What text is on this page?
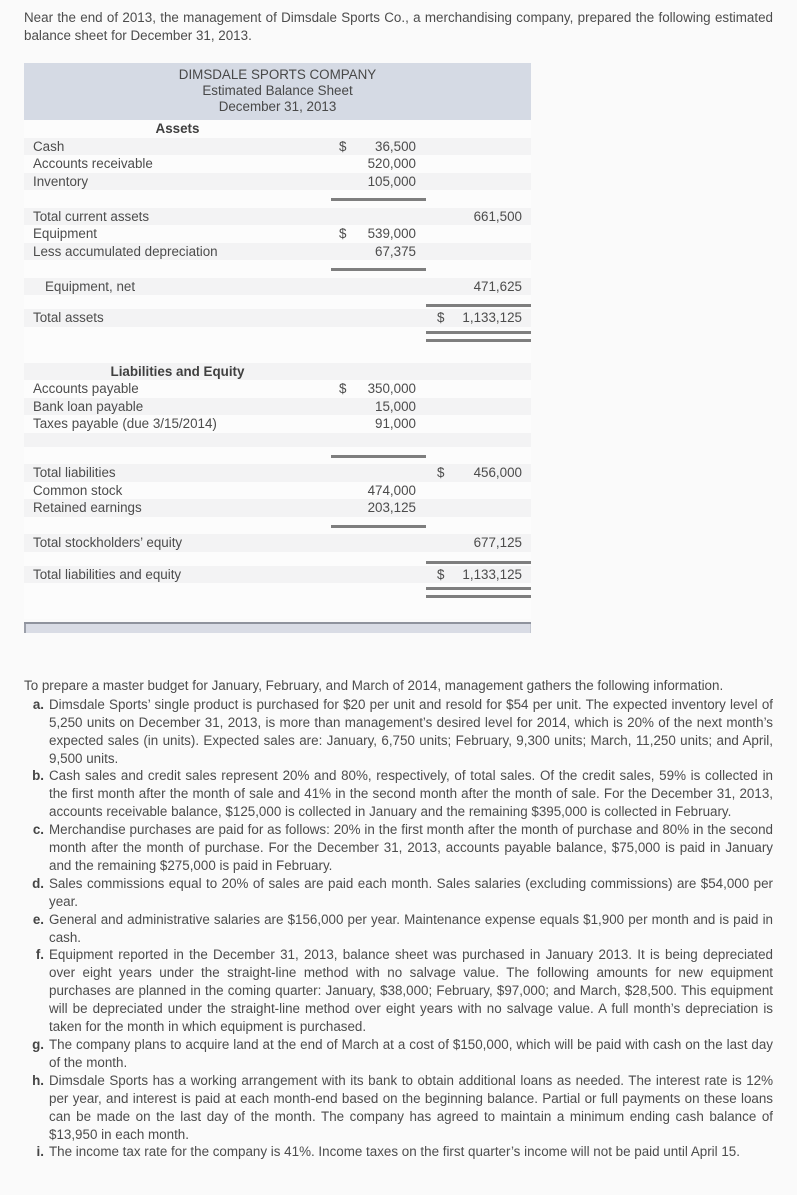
Near the end of 2013, the management of Dimsdale Sports Co., a merchandising company, prepared the following estimated balance sheet for December 31, 2013.

DIMSDALE SPORTS COMPANY
Estimated Balance Sheet
December 31, 2013
Assets
Cash	$ 36,500
Accounts receivable	520,000
Inventory	105,000
Total current assets	661,500
Equipment	$ 539,000
Less accumulated depreciation	67,375
Equipment, net	471,625
Total assets	$ 1,133,125
Liabilities and Equity
Accounts payable	$ 350,000
Bank loan payable	15,000
Taxes payable (due 3/15/2014)	91,000
Total liabilities	$ 456,000
Common stock	474,000
Retained earnings	203,125
Total stockholders’ equity	677,125
Total liabilities and equity	$ 1,133,125

To prepare a master budget for January, February, and March of 2014, management gathers the following information.

a. Dimsdale Sports’ single product is purchased for $20 per unit and resold for $54 per unit. The expected inventory level of 5,250 units on December 31, 2013, is more than management’s desired level for 2014, which is 20% of the next month’s expected sales (in units). Expected sales are: January, 6,750 units; February, 9,300 units; March, 11,250 units; and April, 9,500 units.
b. Cash sales and credit sales represent 20% and 80%, respectively, of total sales. Of the credit sales, 59% is collected in the first month after the month of sale and 41% in the second month after the month of sale. For the December 31, 2013, accounts receivable balance, $125,000 is collected in January and the remaining $395,000 is collected in February.
c. Merchandise purchases are paid for as follows: 20% in the first month after the month of purchase and 80% in the second month after the month of purchase. For the December 31, 2013, accounts payable balance, $75,000 is paid in January and the remaining $275,000 is paid in February.
d. Sales commissions equal to 20% of sales are paid each month. Sales salaries (excluding commissions) are $54,000 per year.
e. General and administrative salaries are $156,000 per year. Maintenance expense equals $1,900 per month and is paid in cash.
f. Equipment reported in the December 31, 2013, balance sheet was purchased in January 2013. It is being depreciated over eight years under the straight-line method with no salvage value. The following amounts for new equipment purchases are planned in the coming quarter: January, $38,000; February, $97,000; and March, $28,500. This equipment will be depreciated under the straight-line method over eight years with no salvage value. A full month’s depreciation is taken for the month in which equipment is purchased.
g. The company plans to acquire land at the end of March at a cost of $150,000, which will be paid with cash on the last day of the month.
h. Dimsdale Sports has a working arrangement with its bank to obtain additional loans as needed. The interest rate is 12% per year, and interest is paid at each month-end based on the beginning balance. Partial or full payments on these loans can be made on the last day of the month. The company has agreed to maintain a minimum ending cash balance of $13,950 in each month.
i. The income tax rate for the company is 41%. Income taxes on the first quarter’s income will not be paid until April 15.
